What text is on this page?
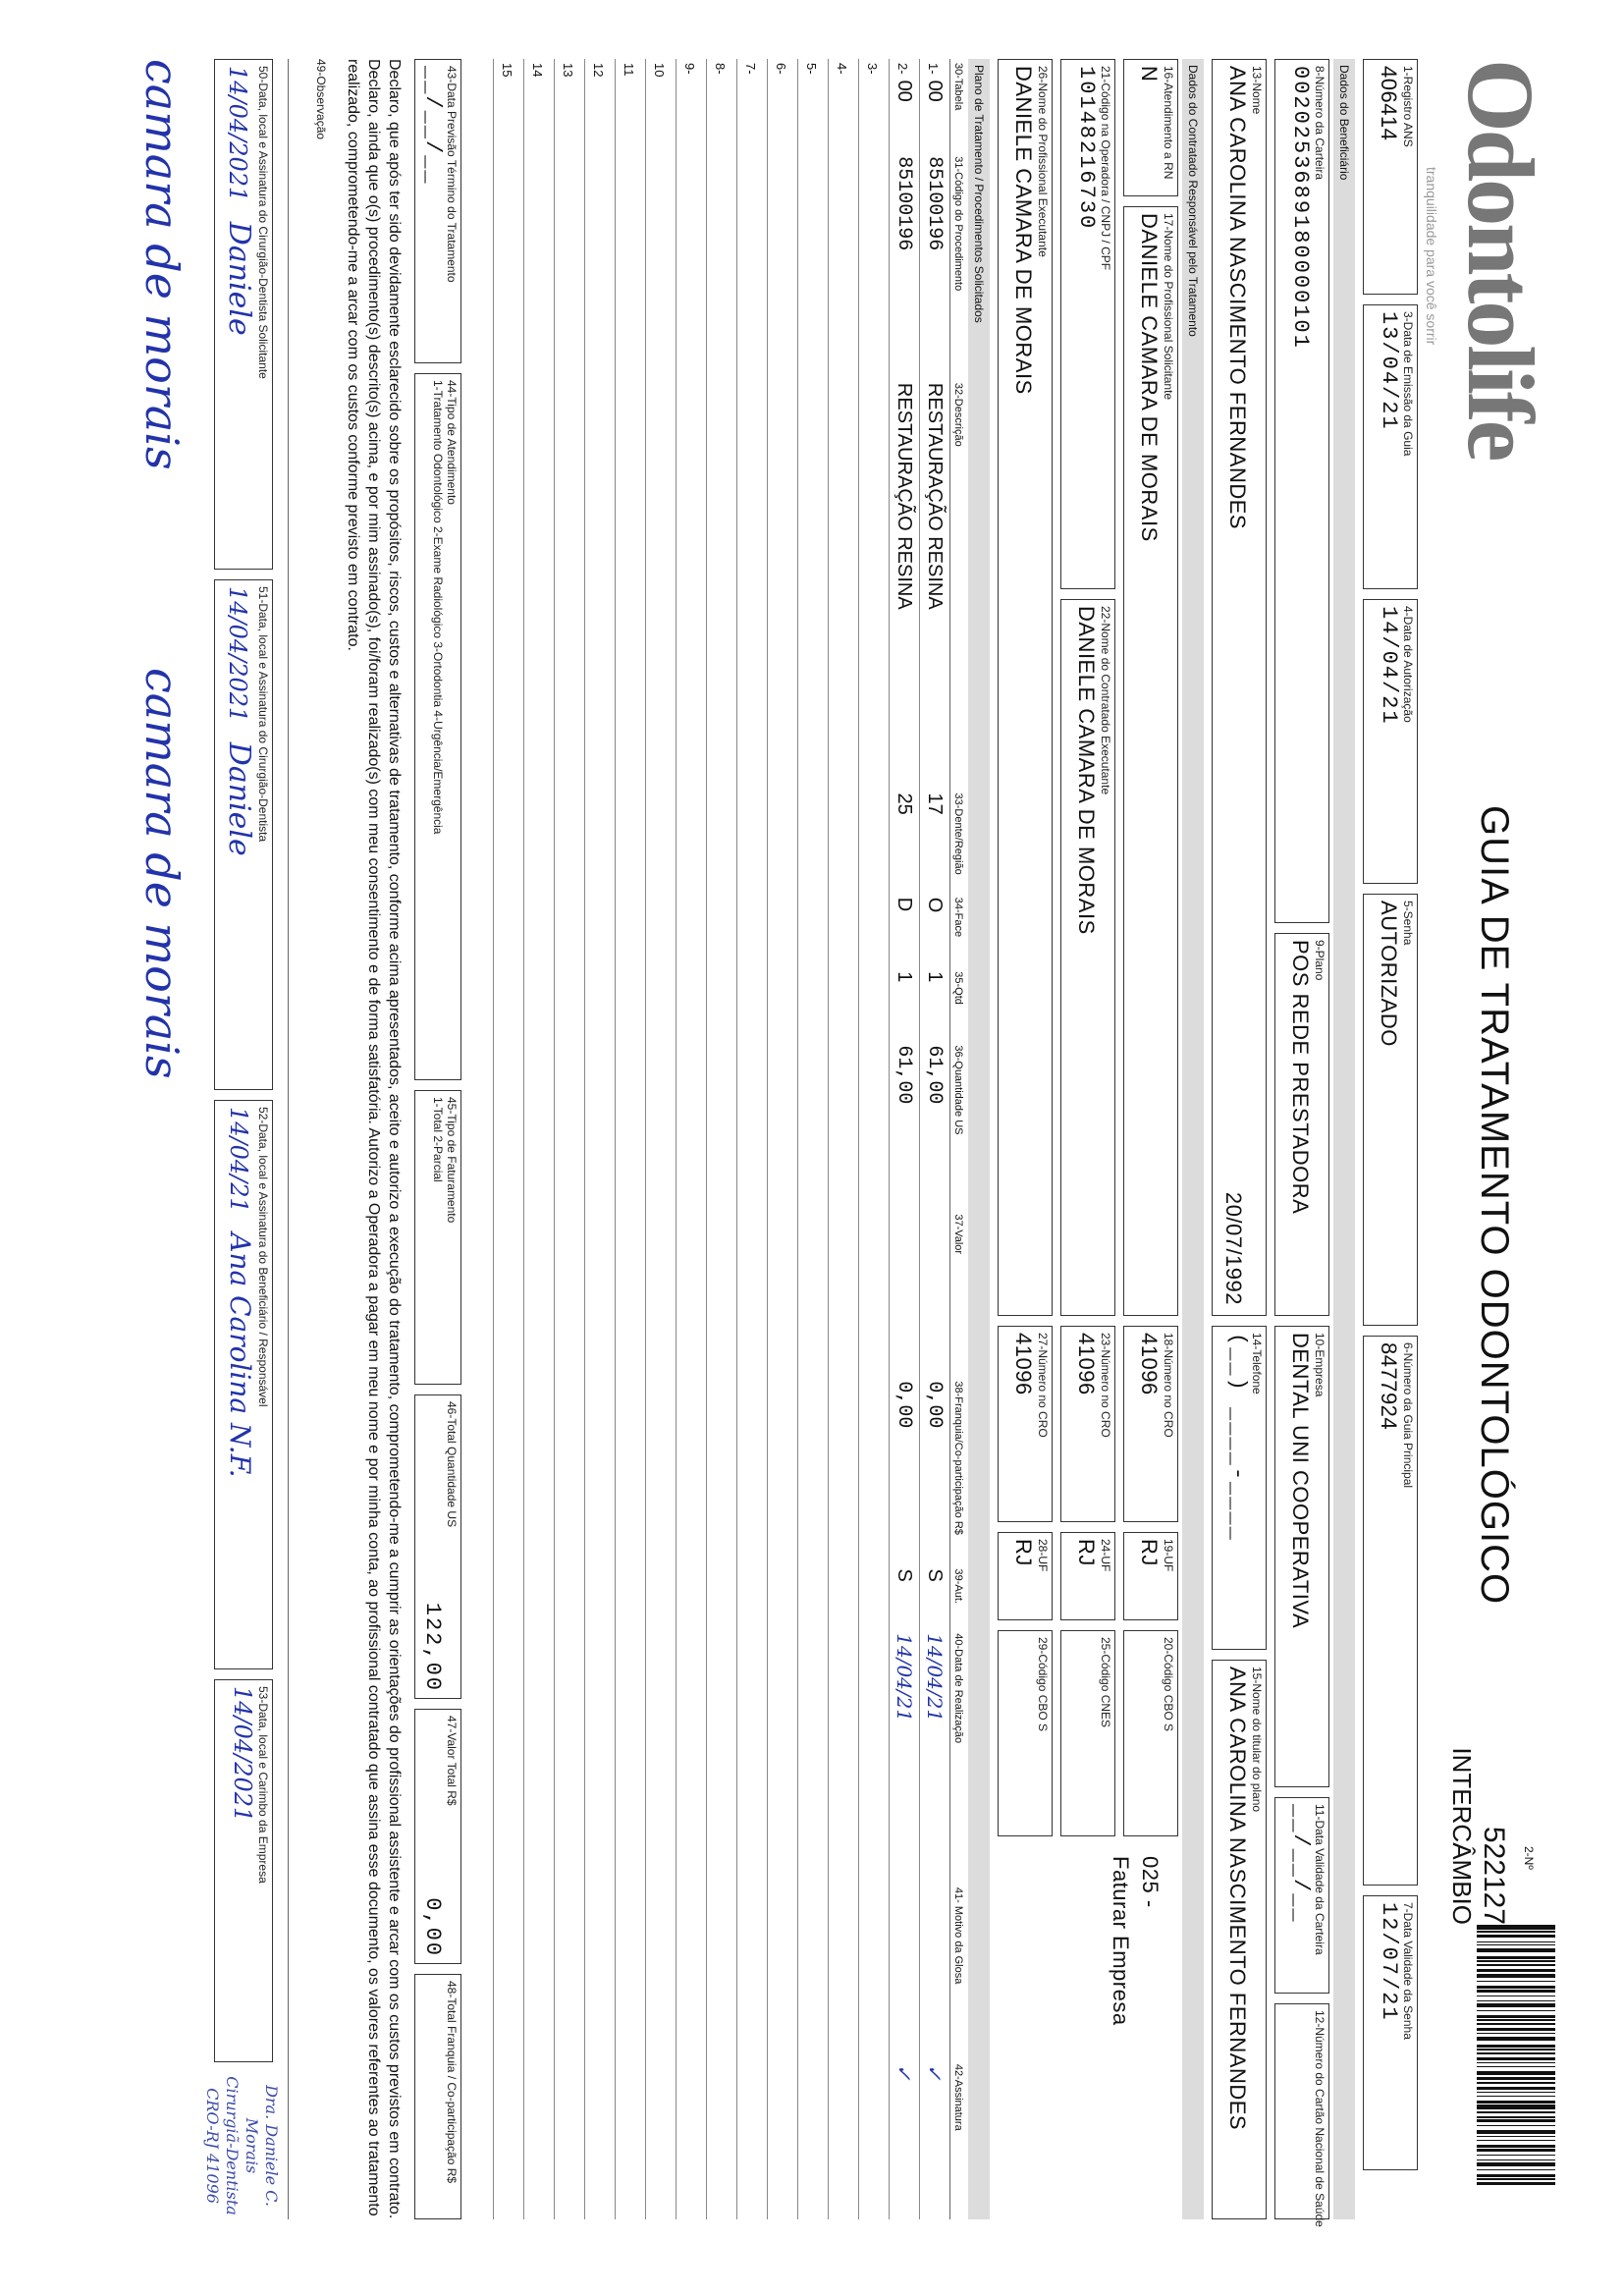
Odontolife
tranquilidade para você sorrir
GUIA DE TRATAMENTO ODONTOLÓGICO
2-Nº
522127
INTERCÂMBIO
1-Registro ANS
406414
3-Data de Emissão da Guia
13/04/21
4-Data de Autorização
14/04/21
5-Senha
AUTORIZADO
6-Número da Guia Principal
8477924
7-Data Validade da Senha
12/07/21
Dados do Beneficiário
8-Número da Carteira
0020253689180000101
9-Plano
POS REDE PRESTADORA
10-Empresa
DENTAL UNI COOPERATIVA
11-Data Validade da Carteira
__/__/__
12-Número do Cartão Nacional de Saúde
13-Nome
ANA CAROLINA NASCIMENTO FERNANDES
20/07/1992
14-Telefone
(__) ____-____
15-Nome do titular do plano
ANA CAROLINA NASCIMENTO FERNANDES
Dados do Contratado Responsável pelo Tratamento
16-Atendimento a RN
N
17-Nome do Profissional Solicitante
DANIELE CAMARA DE MORAIS
18-Número no CRO
41096
19-UF
RJ
20-Código CBO S
025 -
Faturar Empresa
21-Código na Operadora / CNPJ / CPF
10148216730
22-Nome do Contratado Executante
DANIELE CAMARA DE MORAIS
23-Número no CRO
41096
24-UF
RJ
25-Código CNES
26-Nome do Profissional Executante
DANIELE CAMARA DE MORAIS
27-Número no CRO
41096
28-UF
RJ
29-Código CBO S
Plano de Tratamento / Procedimentos Solicitados
30-Tabela	31-Código do Procedimento	32-Descrição	33-Dente/Região	34-Face	35-Qtd	36-Quantidade US	37-Valor	38-Franquia/Co-participação R$	39-Aut.	40-Data de Realização	41- Motivo da Glosa	42-Assinatura
1-00	85100196	RESTAURAÇÃO RESINA	17	O	1	61,00		0,00	S	14/04/21		✓
2-00	85100196	RESTAURAÇÃO RESINA	25	D	1	61,00		0,00	S	14/04/21		✓
3-												
4-												
5-												
6-												
7-												
8-												
9-												
10												
11												
12												
13												
14												
15												
43-Data Previsão Término do Tratamento
__/__/__
44-Tipo de Atendimento
1-Tratamento Odontológico 2-Exame Radiológico 3-Ortodontia 4-Urgência/Emergência
45-Tipo de Faturamento
1-Total 2-Parcial
46-Total Quantidade US
122,00
47-Valor Total R$
0,00
48-Total Franquia / Co-participação R$
Declaro, que após ter sido devidamente esclarecido sobre os propósitos, riscos, custos e alternativas de tratamento, conforme acima apresentados, aceito e autorizo a execução do tratamento, comprometendo-me a cumprir as orientações do profissional assistente e arcar com os custos previstos em contrato. Declaro, ainda que o(s) procedimento(s) descrito(s) acima, e por mim assinado(s), foi/foram realizado(s) com meu consentimento e de forma satisfatória. Autorizo a Operadora a pagar em meu nome e por minha conta, ao profissional contratado que assina esse documento, os valores referentes ao tratamento realizado, comprometendo-me a arcar com os custos conforme previsto em contrato.
49-Observação
50-Data, local e Assinatura do Cirurgião-Dentista Solicitante
14/04/2021 Daniele
51-Data, local e Assinatura do Cirurgião-Dentista
14/04/2021 Daniele
52-Data, local e Assinatura do Beneficiário / Responsável
14/04/21 Ana Carolina N.F.
53-Data, local e Carimbo da Empresa
14/04/2021
Dra. Daniele C. Morais
Cirurgiã-Dentista
CRO-RJ 41096
camara de morais
camara de morais
